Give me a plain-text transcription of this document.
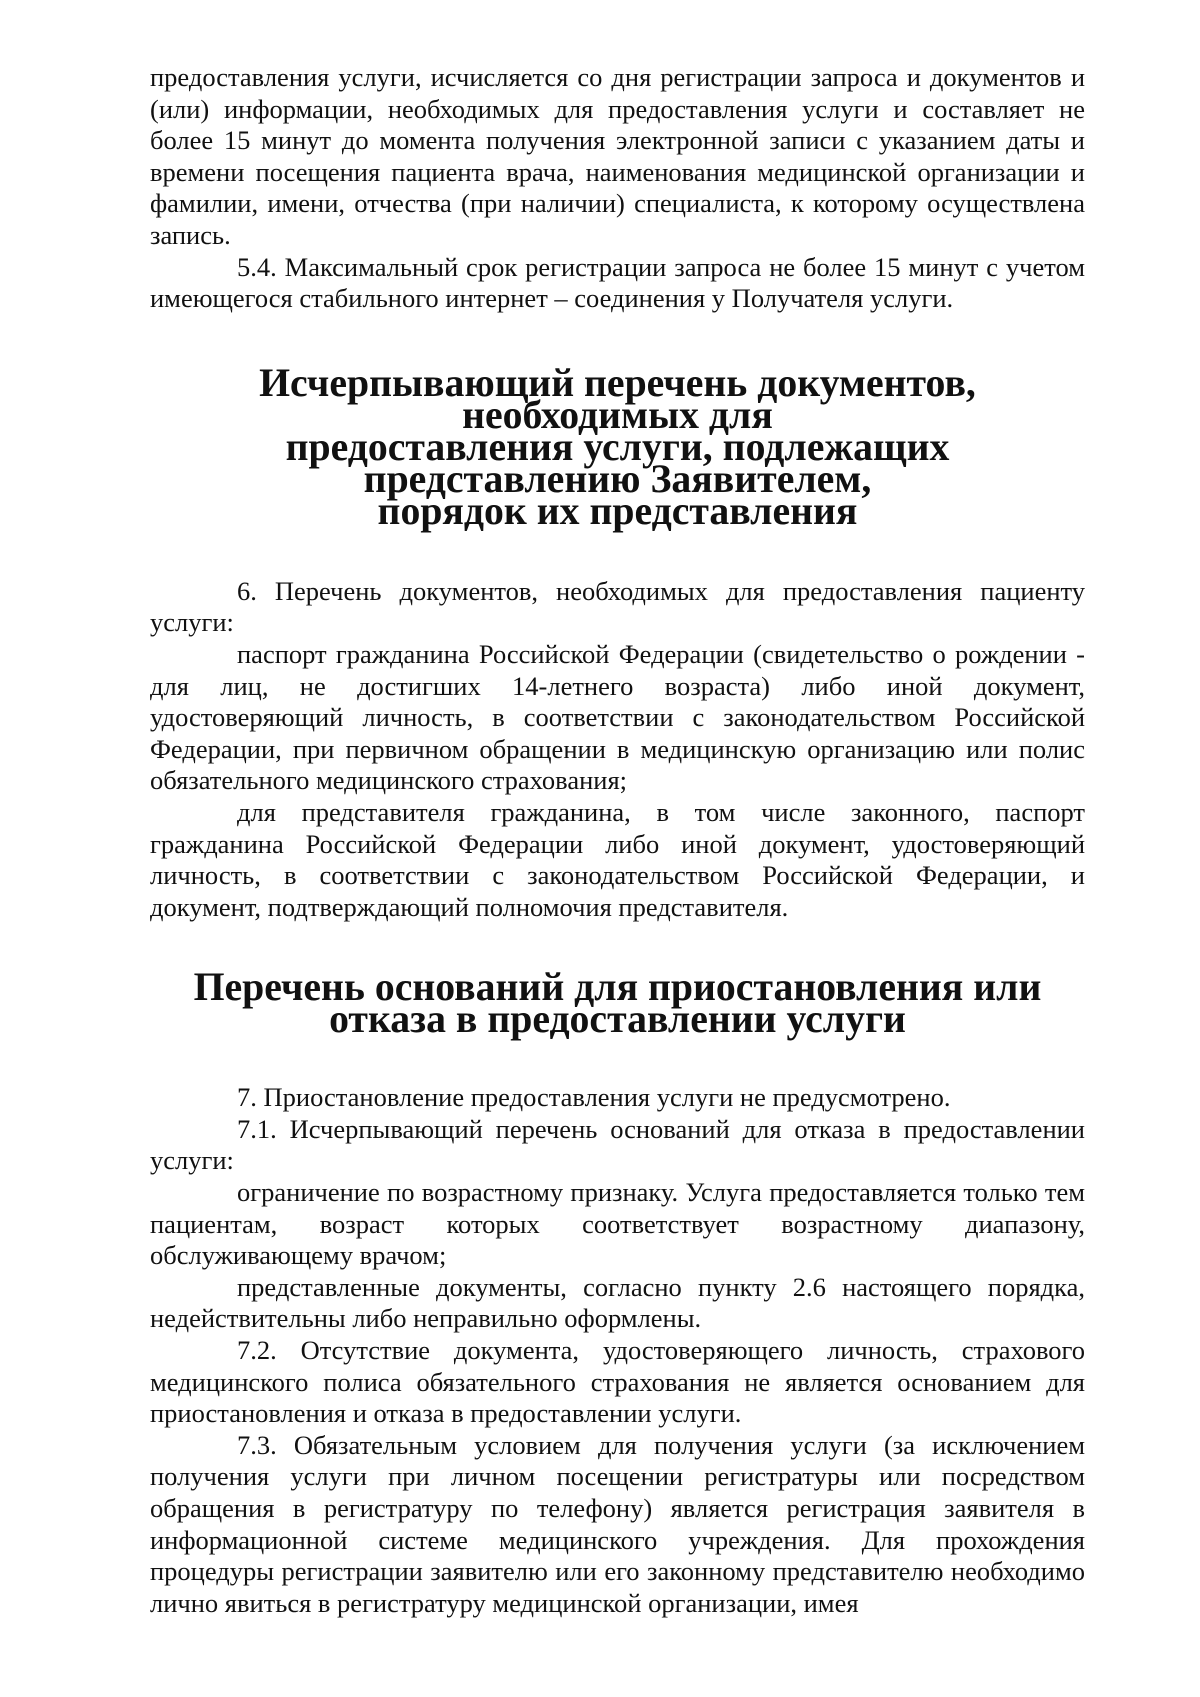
предоставления услуги, исчисляется со дня регистрации запроса и документов и (или) информации, необходимых для предоставления услуги и составляет не более 15 минут до момента получения электронной записи с указанием даты и времени посещения пациента врача, наименования медицинской организации и фамилии, имени, отчества (при наличии) специалиста, к которому осуществлена запись.

5.4. Максимальный срок регистрации запроса не более 15 минут с учетом имеющегося стабильного интернет – соединения у Получателя услуги.

Исчерпывающий перечень документов, необходимых для
предоставления услуги, подлежащих представлению Заявителем,
порядок их представления

6. Перечень документов, необходимых для предоставления пациенту услуги:

паспорт гражданина Российской Федерации (свидетельство о рождении - для лиц, не достигших 14-летнего возраста) либо иной документ, удостоверяющий личность, в соответствии с законодательством Российской Федерации, при первичном обращении в медицинскую организацию или полис обязательного медицинского страхования;

для представителя гражданина, в том числе законного, паспорт гражданина Российской Федерации либо иной документ, удостоверяющий личность, в соответствии с законодательством Российской Федерации, и документ, подтверждающий полномочия представителя.

Перечень оснований для приостановления или
отказа в предоставлении услуги

7. Приостановление предоставления услуги не предусмотрено.

7.1. Исчерпывающий перечень оснований для отказа в предоставлении услуги:

ограничение по возрастному признаку. Услуга предоставляется только тем пациентам, возраст которых соответствует возрастному диапазону, обслуживающему врачом;

представленные документы, согласно пункту 2.6 настоящего порядка, недействительны либо неправильно оформлены.

7.2. Отсутствие документа, удостоверяющего личность, страхового медицинского полиса обязательного страхования не является основанием для приостановления и отказа в предоставлении услуги.

7.3. Обязательным условием для получения услуги (за исключением получения услуги при личном посещении регистратуры или посредством обращения в регистратуру по телефону) является регистрация заявителя в информационной системе медицинского учреждения. Для прохождения процедуры регистрации заявителю или его законному представителю необходимо лично явиться в регистратуру медицинской организации, имея
